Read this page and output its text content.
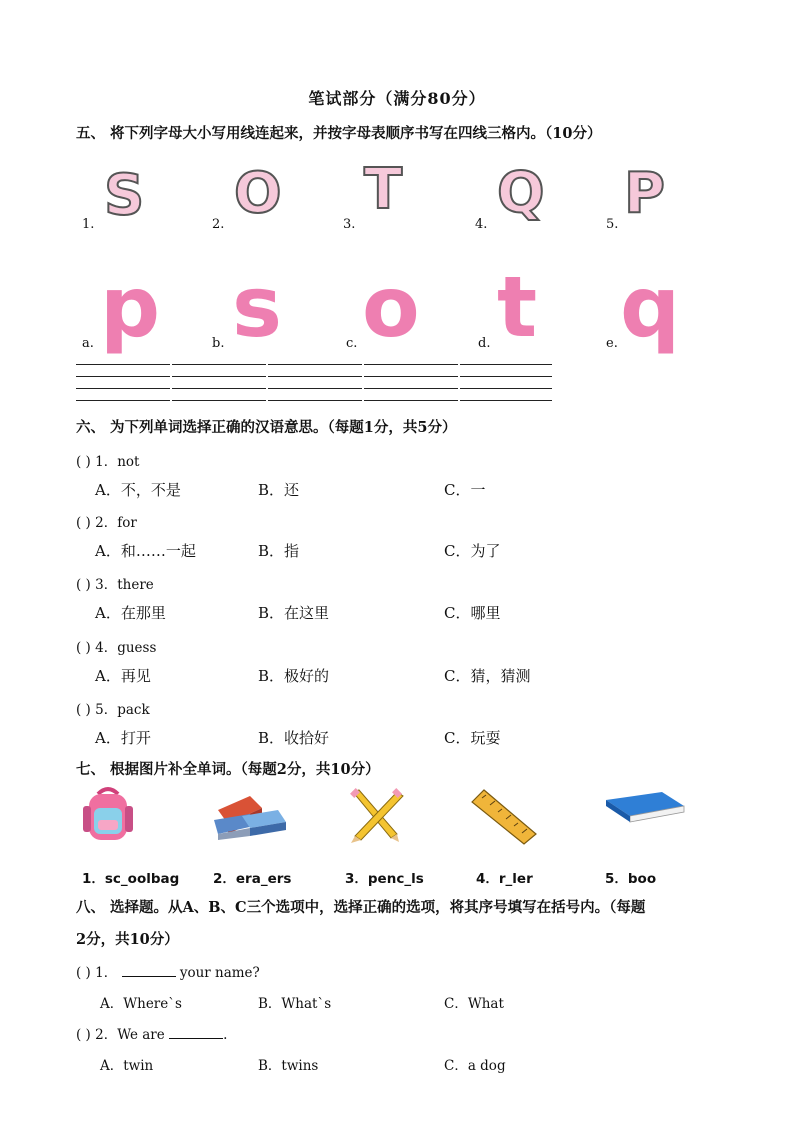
笔试部分（满分80分）
五、 将下列字母大小写用线连起来，并按字母表顺序书写在四线三格内。（10分）
S O T Q P
1.	2.	3.	4.	5.
p s o t q
a.	b.	c.	d.	e.
六、 为下列单词选择正确的汉语意思。（每题1分，共5分）
( ) 1．not
A．不，不是	B．还	C．一
( ) 2．for
A．和……一起	B．指	C．为了
( ) 3．there
A．在那里	B．在这里	C．哪里
( ) 4．guess
A．再见	B．极好的	C．猜，猜测
( ) 5．pack
A．打开	B．收拾好	C．玩耍
七、 根据图片补全单词。（每题2分，共10分）
1．sc_oolbag 2．era_ers	3．penc_ls	4．r_ler	5．boo
八、 选择题。从A、B、C三个选项中，选择正确的选项，将其序号填写在括号内。（每题
2分，共10分）
( ) 1．	your name?
A．Where`s	B．What`s	C．What
( ) 2．We are	.
A．twin	B．twins	C．a dog
